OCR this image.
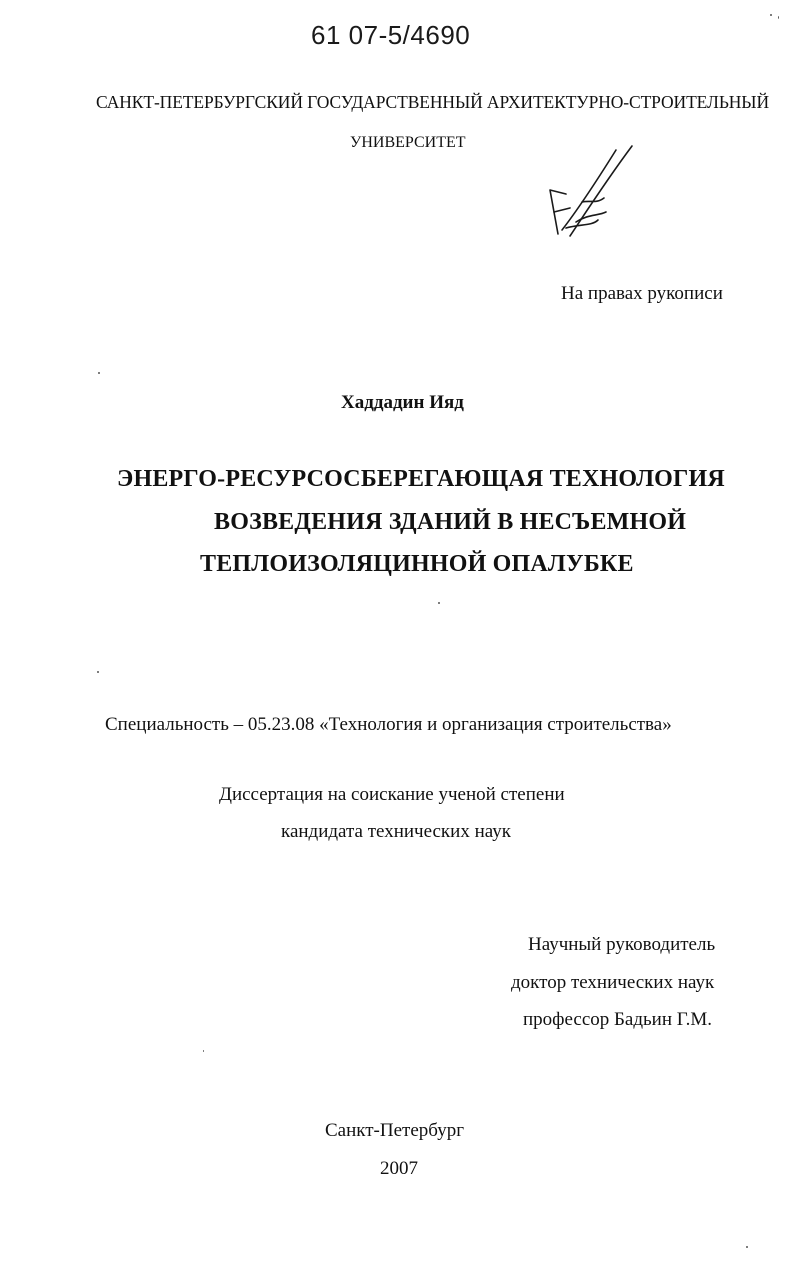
61 07-5/4690
САНКТ-ПЕТЕРБУРГСКИЙ ГОСУДАРСТВЕННЫЙ АРХИТЕКТУРНО-СТРОИТЕЛЬНЫЙ
УНИВЕРСИТЕТ
На правах рукописи
Хаддадин Ияд
ЭНЕРГО-РЕСУРСОСБЕРЕГАЮЩАЯ ТЕХНОЛОГИЯ
ВОЗВЕДЕНИЯ ЗДАНИЙ В НЕСЪЕМНОЙ
ТЕПЛОИЗОЛЯЦИННОЙ ОПАЛУБКЕ
Специальность – 05.23.08 «Технология и организация строительства»
Диссертация на соискание ученой степени
кандидата технических наук
Научный руководитель
доктор технических наук
профессор Бадьин Г.М.
Санкт-Петербург
2007
